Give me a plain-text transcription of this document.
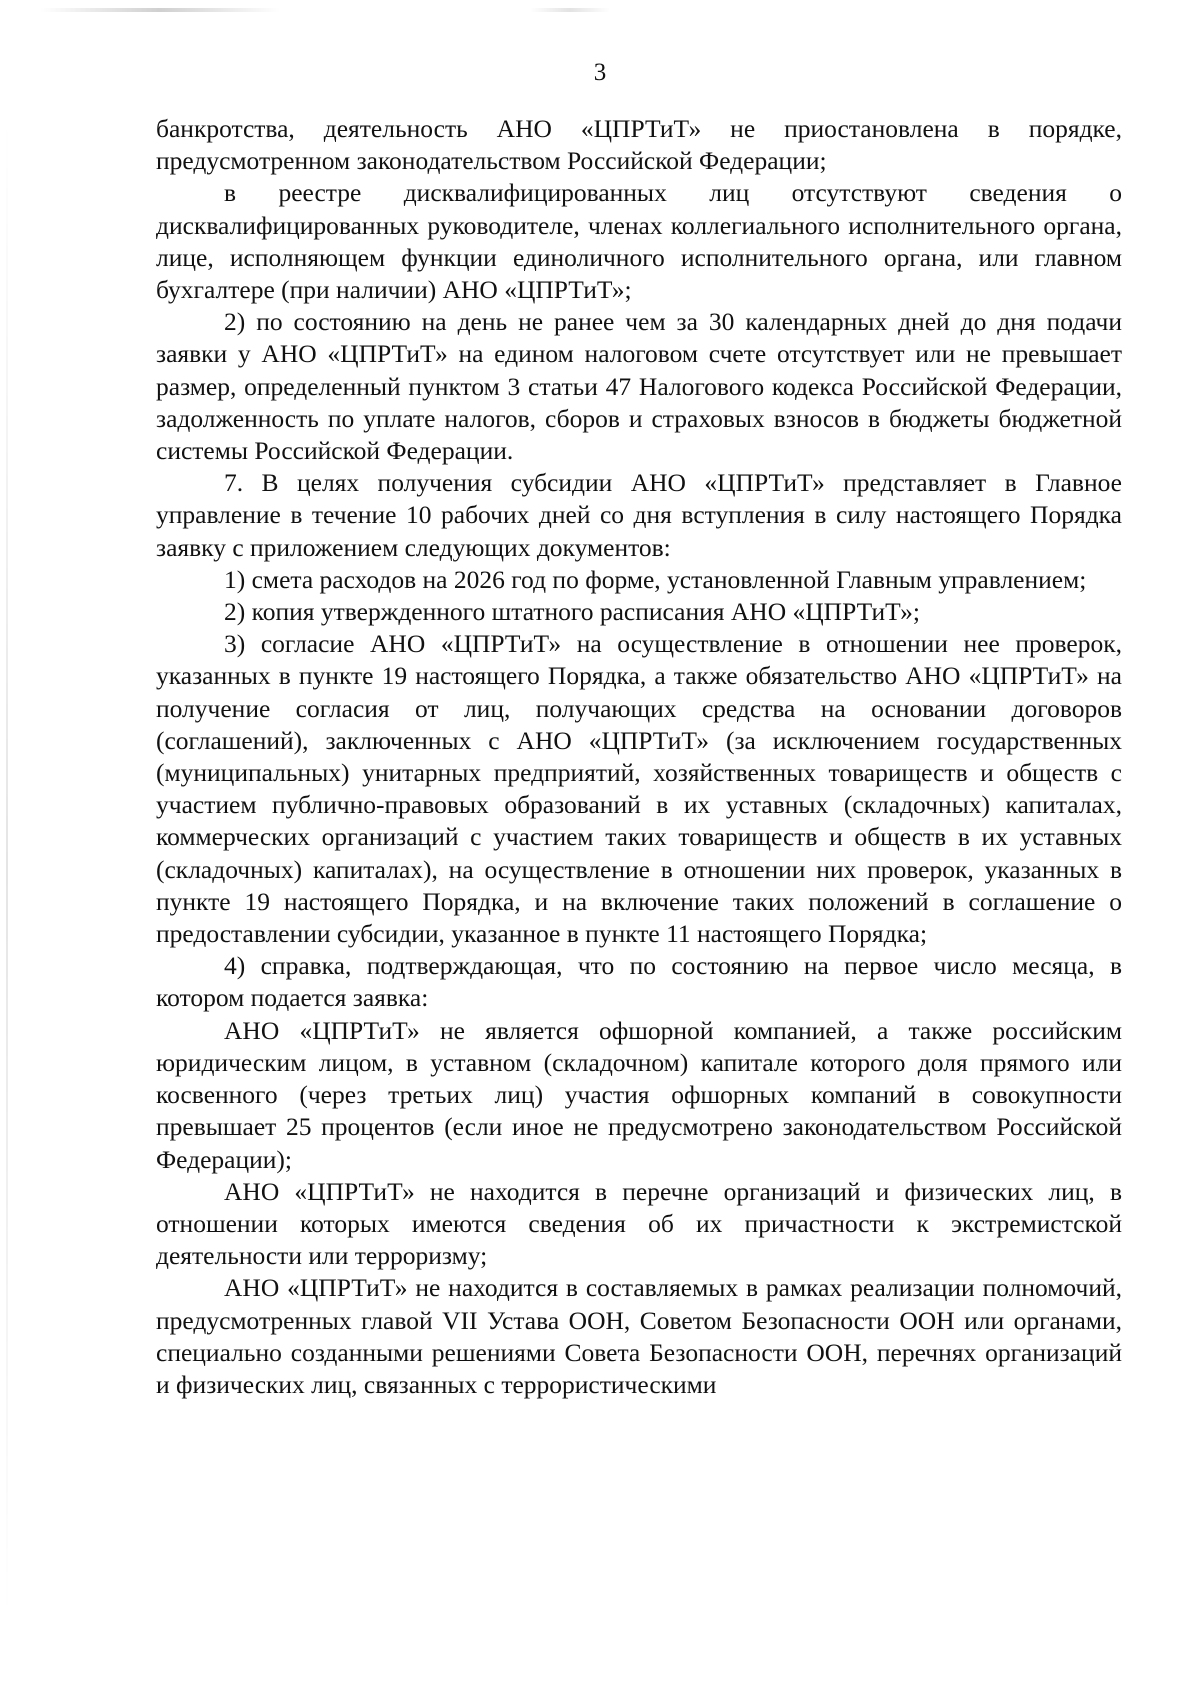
3

банкротства, деятельность АНО «ЦПРТиТ» не приостановлена в порядке, предусмотренном законодательством Российской Федерации;

в реестре дисквалифицированных лиц отсутствуют сведения о дисквалифицированных руководителе, членах коллегиального исполнительного органа, лице, исполняющем функции единоличного исполнительного органа, или главном бухгалтере (при наличии) АНО «ЦПРТиТ»;

2) по состоянию на день не ранее чем за 30 календарных дней до дня подачи заявки у АНО «ЦПРТиТ» на едином налоговом счете отсутствует или не превышает размер, определенный пунктом 3 статьи 47 Налогового кодекса Российской Федерации, задолженность по уплате налогов, сборов и страховых взносов в бюджеты бюджетной системы Российской Федерации.

7. В целях получения субсидии АНО «ЦПРТиТ» представляет в Главное управление в течение 10 рабочих дней со дня вступления в силу настоящего Порядка заявку с приложением следующих документов:

1) смета расходов на 2026 год по форме, установленной Главным управлением;

2) копия утвержденного штатного расписания АНО «ЦПРТиТ»;

3) согласие АНО «ЦПРТиТ» на осуществление в отношении нее проверок, указанных в пункте 19 настоящего Порядка, а также обязательство АНО «ЦПРТиТ» на получение согласия от лиц, получающих средства на основании договоров (соглашений), заключенных с АНО «ЦПРТиТ» (за исключением государственных (муниципальных) унитарных предприятий, хозяйственных товариществ и обществ с участием публично-правовых образований в их уставных (складочных) капиталах, коммерческих организаций с участием таких товариществ и обществ в их уставных (складочных) капиталах), на осуществление в отношении них проверок, указанных в пункте 19 настоящего Порядка, и на включение таких положений в соглашение о предоставлении субсидии, указанное в пункте 11 настоящего Порядка;

4) справка, подтверждающая, что по состоянию на первое число месяца, в котором подается заявка:

АНО «ЦПРТиТ» не является офшорной компанией, а также российским юридическим лицом, в уставном (складочном) капитале которого доля прямого или косвенного (через третьих лиц) участия офшорных компаний в совокупности превышает 25 процентов (если иное не предусмотрено законодательством Российской Федерации);

АНО «ЦПРТиТ» не находится в перечне организаций и физических лиц, в отношении которых имеются сведения об их причастности к экстремистской деятельности или терроризму;

АНО «ЦПРТиТ» не находится в составляемых в рамках реализации полномочий, предусмотренных главой VII Устава ООН, Советом Безопасности ООН или органами, специально созданными решениями Совета Безопасности ООН, перечнях организаций и физических лиц, связанных с террористическими
